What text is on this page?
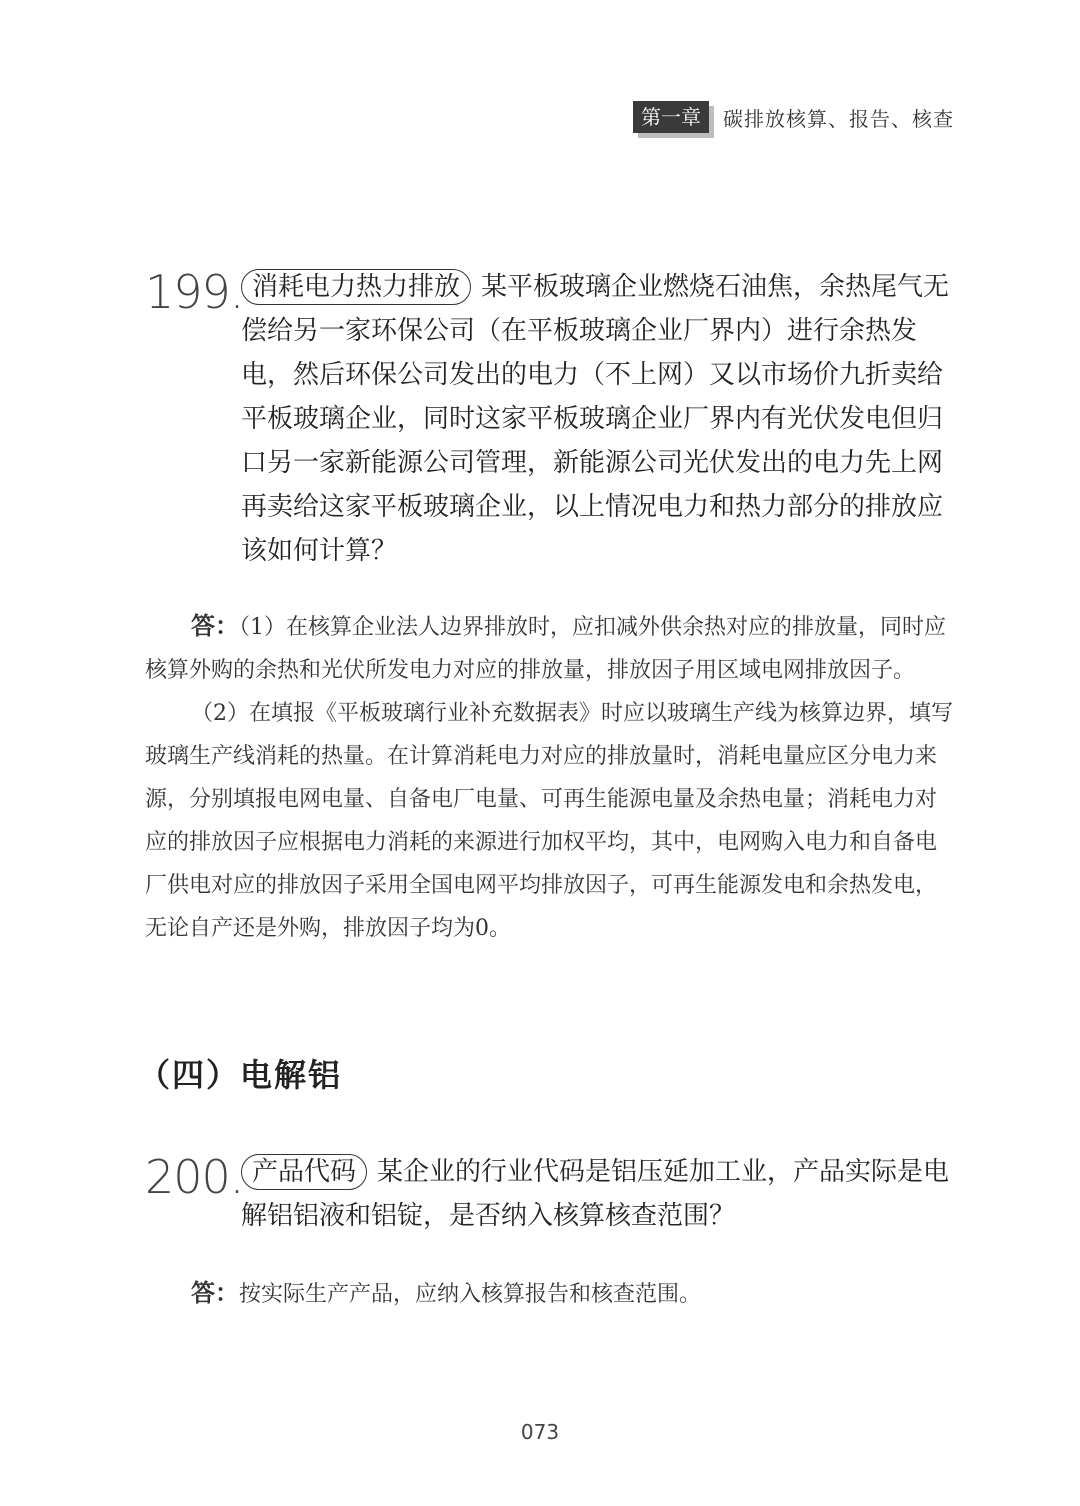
第一章	碳排放核算、报告、核查
199. 消耗电力热力排放 某平板玻璃企业燃烧石油焦，余热尾气无偿给另一家环保公司（在平板玻璃企业厂界内）进行余热发电，然后环保公司发出的电力（不上网）又以市场价九折卖给平板玻璃企业，同时这家平板玻璃企业厂界内有光伏发电但归口另一家新能源公司管理，新能源公司光伏发出的电力先上网再卖给这家平板玻璃企业，以上情况电力和热力部分的排放应该如何计算？

答：（1）在核算企业法人边界排放时，应扣减外供余热对应的排放量，同时应核算外购的余热和光伏所发电力对应的排放量，排放因子用区域电网排放因子。

（2）在填报《平板玻璃行业补充数据表》时应以玻璃生产线为核算边界，填写玻璃生产线消耗的热量。在计算消耗电力对应的排放量时，消耗电量应区分电力来源，分别填报电网电量、自备电厂电量、可再生能源电量及余热电量；消耗电力对应的排放因子应根据电力消耗的来源进行加权平均，其中，电网购入电力和自备电厂供电对应的排放因子采用全国电网平均排放因子，可再生能源发电和余热发电，无论自产还是外购，排放因子均为0。

（四）电解铝
200. 产品代码 某企业的行业代码是铝压延加工业，产品实际是电解铝铝液和铝锭，是否纳入核算核查范围？

答：按实际生产产品，应纳入核算报告和核查范围。

073
